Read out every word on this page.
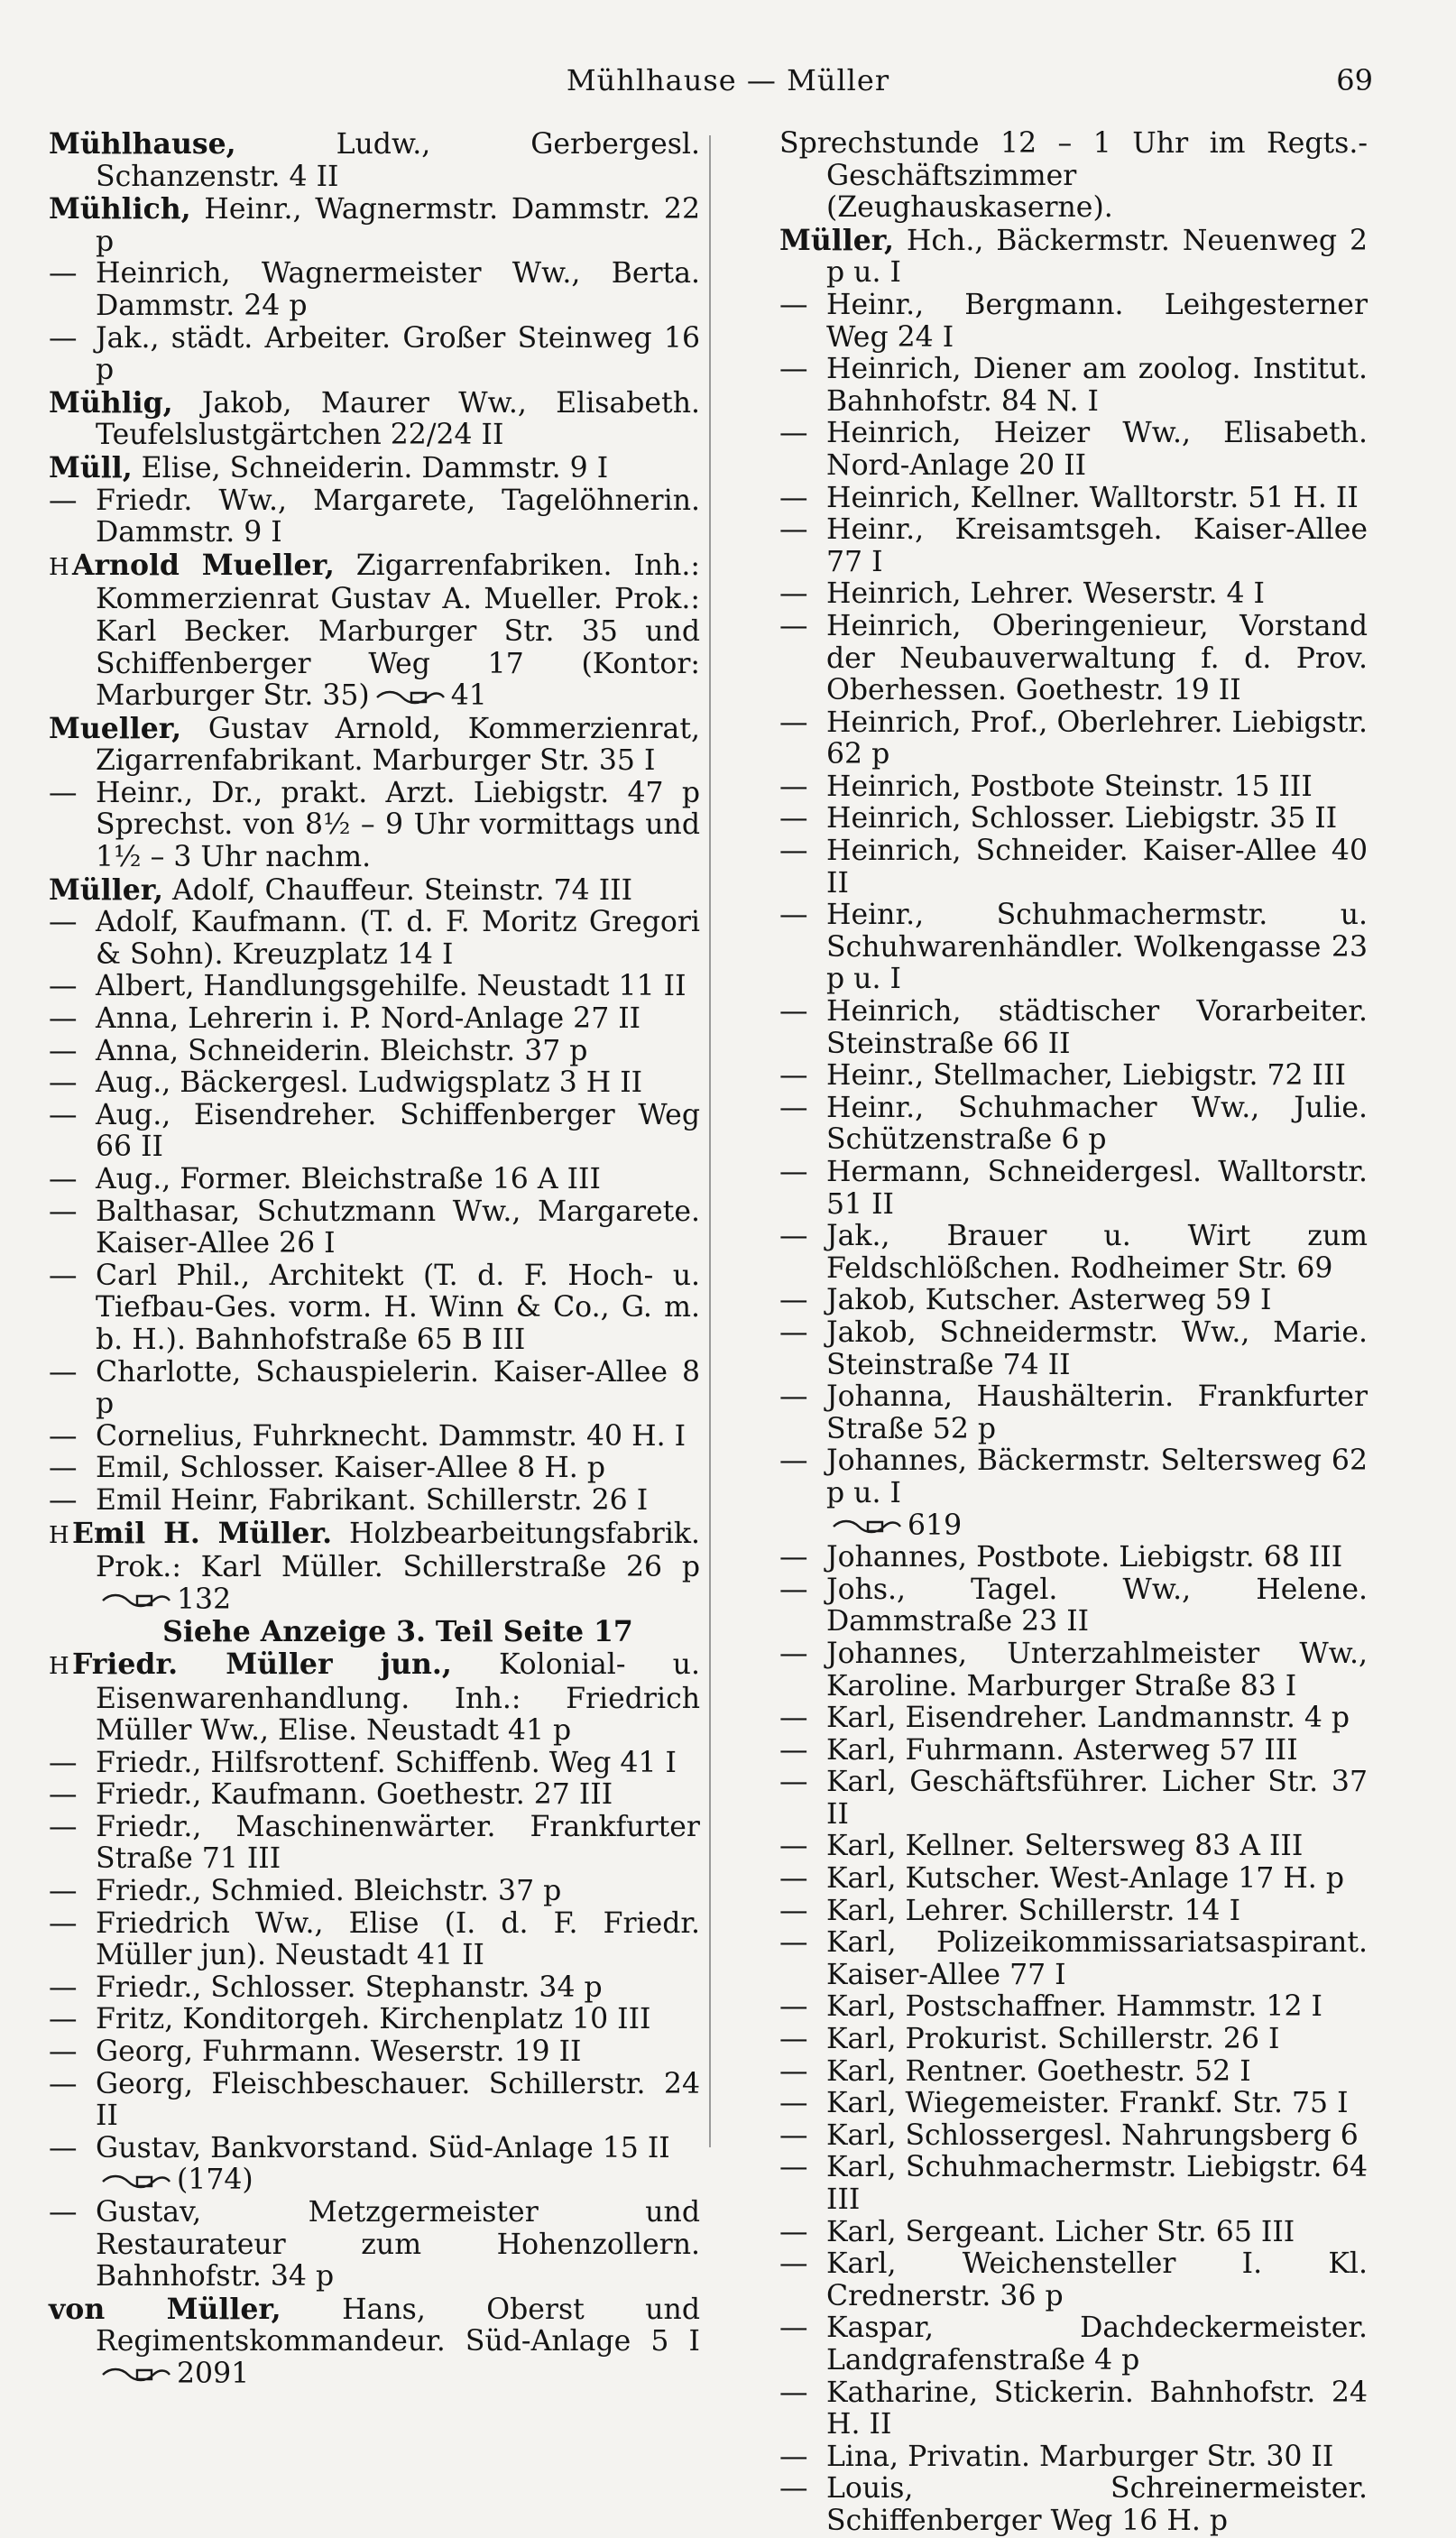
Mühlhause — Müller	69

Mühlhause, Ludw., Gerbergesl. Schanzenstr. 4 II

Mühlich, Heinr., Wagnermstr. Dammstr. 22 p

— Heinrich, Wagnermeister Ww., Berta. Dammstr. 24 p

— Jak., städt. Arbeiter. Großer Steinweg 16 p

Mühlig, Jakob, Maurer Ww., Elisabeth. Teufelslustgärtchen 22/24 II

Müll, Elise, Schneiderin. Dammstr. 9 I

— Friedr. Ww., Margarete, Tagelöhnerin. Dammstr. 9 I

H Arnold Mueller, Zigarrenfabriken. Inh.: Kommerzienrat Gustav A. Mueller. Prok.: Karl Becker. Marburger Str. 35 und Schiffenberger Weg 17 (Kontor: Marburger Str. 35)	41

Mueller, Gustav Arnold, Kommerzienrat, Zigarrenfabrikant. Marburger Str. 35 I

— Heinr., Dr., prakt. Arzt. Liebigstr. 47 p Sprechst. von 8½ – 9 Uhr vormittags und 1½ – 3 Uhr nachm.

Müller, Adolf, Chauffeur. Steinstr. 74 III

— Adolf, Kaufmann. (T. d. F. Moritz Gregori & Sohn). Kreuzplatz 14 I

— Albert, Handlungsgehilfe. Neustadt 11 II

— Anna, Lehrerin i. P. Nord-Anlage 27 II

— Anna, Schneiderin. Bleichstr. 37 p

— Aug., Bäckergesl. Ludwigsplatz 3 H II

— Aug., Eisendreher. Schiffenberger Weg 66 II

— Aug., Former. Bleichstraße 16 A III

— Balthasar, Schutzmann Ww., Margarete. Kaiser-Allee 26 I

— Carl Phil., Architekt (T. d. F. Hoch- u. Tiefbau-Ges. vorm. H. Winn & Co., G. m. b. H.). Bahnhofstraße 65 B III

— Charlotte, Schauspielerin. Kaiser-Allee 8 p

— Cornelius, Fuhrknecht. Dammstr. 40 H. I

— Emil, Schlosser. Kaiser-Allee 8 H. p

— Emil Heinr, Fabrikant. Schillerstr. 26 I

H Emil H. Müller. Holzbearbeitungsfabrik. Prok.: Karl Müller. Schillerstraße 26 p
132

Siehe Anzeige 3. Teil Seite 17

H Friedr. Müller jun., Kolonial- u. Eisenwarenhandlung. Inh.: Friedrich Müller Ww., Elise. Neustadt 41 p

— Friedr., Hilfsrottenf. Schiffenb. Weg 41 I

— Friedr., Kaufmann. Goethestr. 27 III

— Friedr., Maschinenwärter. Frankfurter Straße 71 III

— Friedr., Schmied. Bleichstr. 37 p

— Friedrich Ww., Elise (I. d. F. Friedr. Müller jun). Neustadt 41 II

— Friedr., Schlosser. Stephanstr. 34 p

— Fritz, Konditorgeh. Kirchenplatz 10 III

— Georg, Fuhrmann. Weserstr. 19 II

— Georg, Fleischbeschauer. Schillerstr. 24 II

— Gustav, Bankvorstand. Süd-Anlage 15 II

(174)

— Gustav, Metzgermeister und Restaurateur zum Hohenzollern. Bahnhofstr. 34 p

von Müller, Hans, Oberst und Regimentskommandeur. Süd-Anlage 5 I
2091

Sprechstunde 12 – 1 Uhr im Regts.-Geschäftszimmer (Zeughauskaserne).

Müller, Hch., Bäckermstr. Neuenweg 2 p u. I

— Heinr., Bergmann. Leihgesterner Weg 24 I

— Heinrich, Diener am zoolog. Institut. Bahnhofstr. 84 N. I

— Heinrich, Heizer Ww., Elisabeth. Nord-Anlage 20 II

— Heinrich, Kellner. Walltorstr. 51 H. II

— Heinr., Kreisamtsgeh. Kaiser-Allee 77 I

— Heinrich, Lehrer. Weserstr. 4 I

— Heinrich, Oberingenieur, Vorstand der Neubauverwaltung f. d. Prov. Oberhessen. Goethestr. 19 II

— Heinrich, Prof., Oberlehrer. Liebigstr. 62 p

— Heinrich, Postbote Steinstr. 15 III

— Heinrich, Schlosser. Liebigstr. 35 II

— Heinrich, Schneider. Kaiser-Allee 40 II

— Heinr., Schuhmachermstr. u. Schuhwarenhändler. Wolkengasse 23 p u. I

— Heinrich, städtischer Vorarbeiter. Steinstraße 66 II

— Heinr., Stellmacher, Liebigstr. 72 III

— Heinr., Schuhmacher Ww., Julie. Schützenstraße 6 p

— Hermann, Schneidergesl. Walltorstr. 51 II

— Jak., Brauer u. Wirt zum Feldschlößchen. Rodheimer Str. 69

— Jakob, Kutscher. Asterweg 59 I

— Jakob, Schneidermstr. Ww., Marie. Steinstraße 74 II

— Johanna, Haushälterin. Frankfurter Straße 52 p

— Johannes, Bäckermstr. Seltersweg 62 p u. I

619

— Johannes, Postbote. Liebigstr. 68 III

— Johs., Tagel. Ww., Helene. Dammstraße 23 II

— Johannes, Unterzahlmeister Ww., Karoline. Marburger Straße 83 I

— Karl, Eisendreher. Landmannstr. 4 p

— Karl, Fuhrmann. Asterweg 57 III

— Karl, Geschäftsführer. Licher Str. 37 II

— Karl, Kellner. Seltersweg 83 A III

— Karl, Kutscher. West-Anlage 17 H. p

— Karl, Lehrer. Schillerstr. 14 I

— Karl, Polizeikommissariatsaspirant. Kaiser-Allee 77 I

— Karl, Postschaffner. Hammstr. 12 I

— Karl, Prokurist. Schillerstr. 26 I

— Karl, Rentner. Goethestr. 52 I

— Karl, Wiegemeister. Frankf. Str. 75 I

— Karl, Schlossergesl. Nahrungsberg 6

— Karl, Schuhmachermstr. Liebigstr. 64 III

— Karl, Sergeant. Licher Str. 65 III

— Karl, Weichensteller I. Kl. Crednerstr. 36 p

— Kaspar, Dachdeckermeister. Landgrafenstraße 4 p

— Katharine, Stickerin. Bahnhofstr. 24 H. II

— Lina, Privatin. Marburger Str. 30 II

— Louis, Schreinermeister. Schiffenberger Weg 16 H. p
